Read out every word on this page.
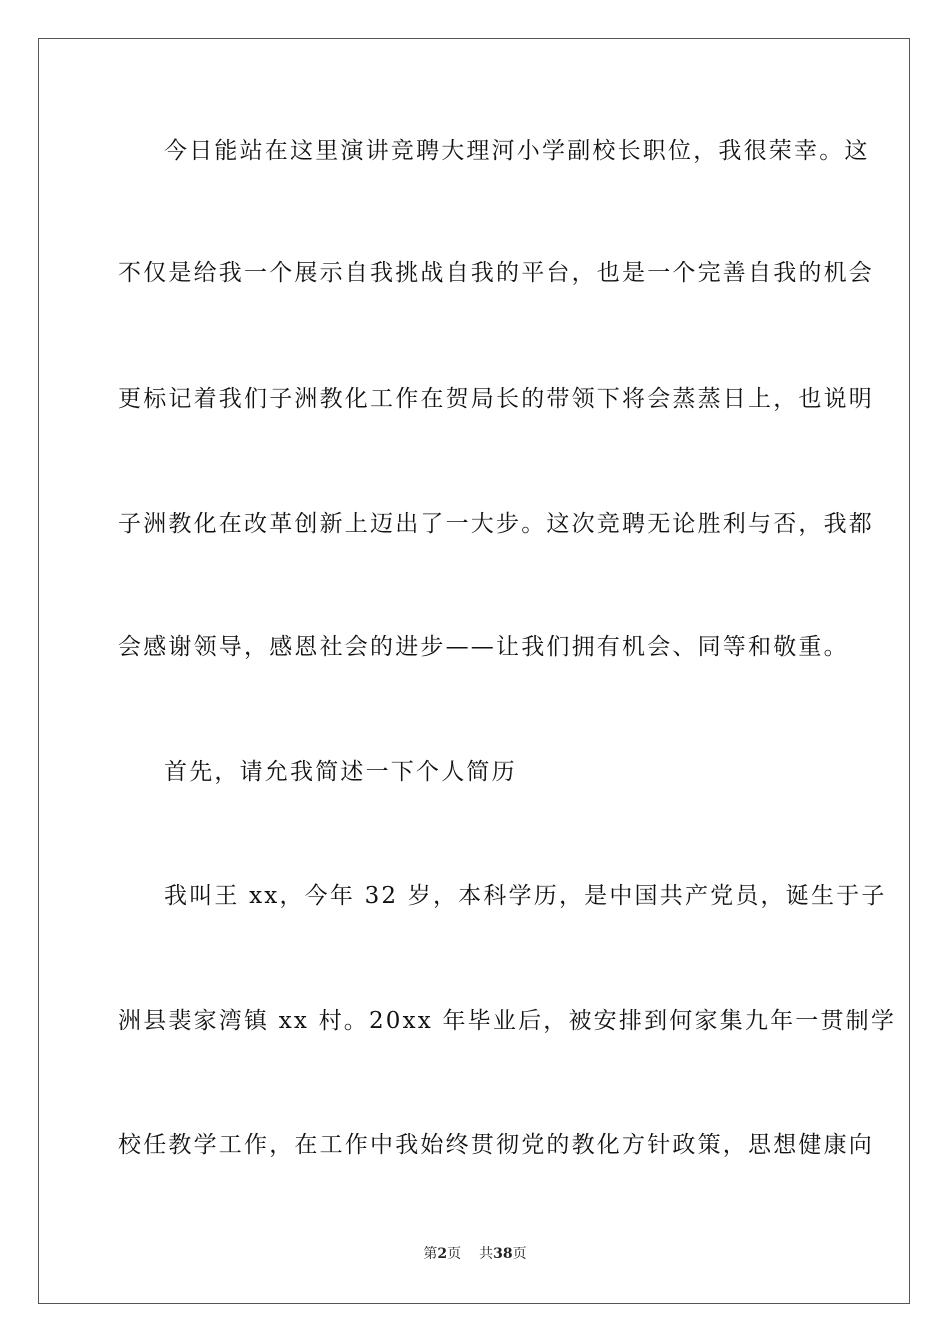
今日能站在这里演讲竞聘大理河小学副校长职位，我很荣幸。这
不仅是给我一个展示自我挑战自我的平台，也是一个完善自我的机会
更标记着我们子洲教化工作在贺局长的带领下将会蒸蒸日上，也说明
子洲教化在改革创新上迈出了一大步。这次竞聘无论胜利与否，我都
会感谢领导，感恩社会的进步——让我们拥有机会、同等和敬重。
首先，请允我简述一下个人简历
我叫王 xx，今年 32 岁，本科学历，是中国共产党员，诞生于子
洲县裴家湾镇 xx 村。20xx 年毕业后，被安排到何家集九年一贯制学
校任教学工作，在工作中我始终贯彻党的教化方针政策，思想健康向
第2页 共38页
